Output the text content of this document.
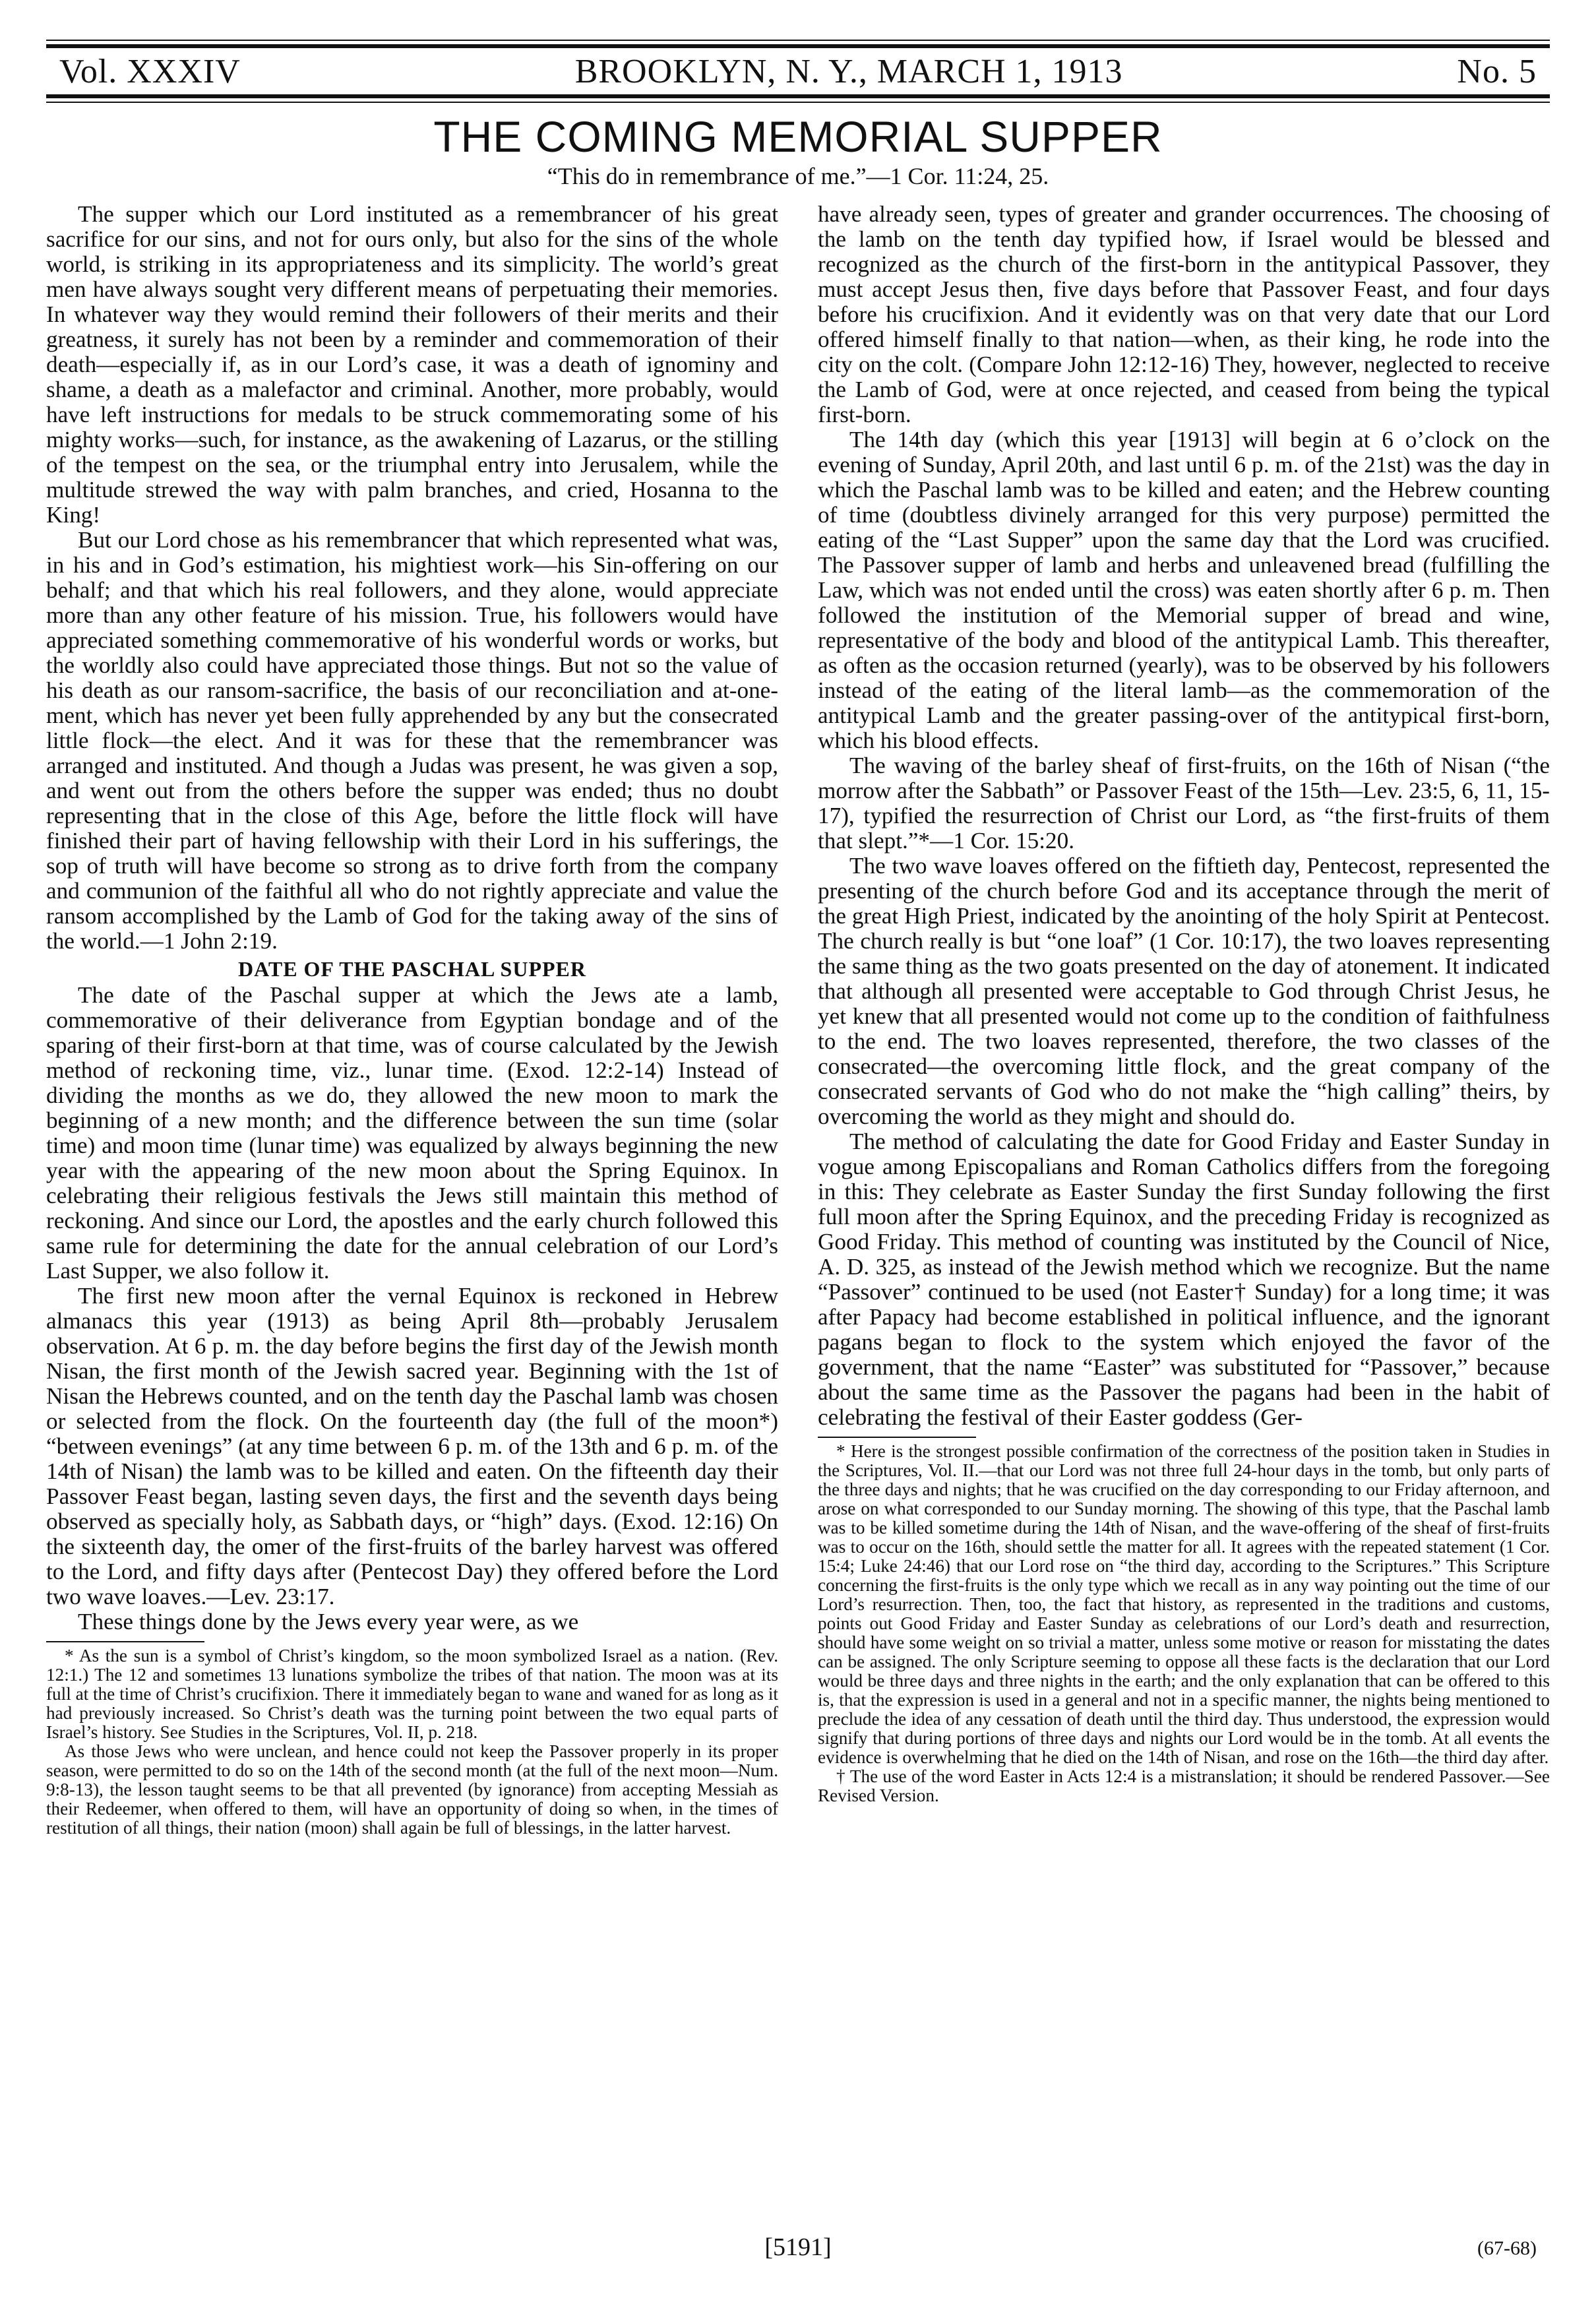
Vol. XXXIV	BROOKLYN, N. Y., MARCH 1, 1913	No. 5
THE COMING MEMORIAL SUPPER
“This do in remembrance of me.”—1 Cor. 11:24, 25.

The supper which our Lord instituted as a remembrancer of his great sacrifice for our sins, and not for ours only, but also for the sins of the whole world, is striking in its appropriateness and its simplicity. The world’s great men have always sought very different means of perpetuating their memories. In whatever way they would remind their followers of their merits and their greatness, it surely has not been by a reminder and commemoration of their death—especially if, as in our Lord’s case, it was a death of ignominy and shame, a death as a malefactor and criminal. Another, more probably, would have left instructions for medals to be struck commemorating some of his mighty works—such, for instance, as the awakening of Lazarus, or the stilling of the tempest on the sea, or the triumphal entry into Jerusalem, while the multitude strewed the way with palm branches, and cried, Hosanna to the King!

But our Lord chose as his remembrancer that which represented what was, in his and in God’s estimation, his mightiest work—his Sin-offering on our behalf; and that which his real followers, and they alone, would appreciate more than any other feature of his mission. True, his followers would have appreciated something commemorative of his wonderful words or works, but the worldly also could have appreciated those things. But not so the value of his death as our ransom-sacrifice, the basis of our reconciliation and at-one-ment, which has never yet been fully apprehended by any but the consecrated little flock—the elect. And it was for these that the remembrancer was arranged and instituted. And though a Judas was present, he was given a sop, and went out from the others before the supper was ended; thus no doubt representing that in the close of this Age, before the little flock will have finished their part of having fellowship with their Lord in his sufferings, the sop of truth will have become so strong as to drive forth from the company and communion of the faithful all who do not rightly appreciate and value the ransom accomplished by the Lamb of God for the taking away of the sins of the world.—1 John 2:19.

DATE OF THE PASCHAL SUPPER

The date of the Paschal supper at which the Jews ate a lamb, commemorative of their deliverance from Egyptian bondage and of the sparing of their first-born at that time, was of course calculated by the Jewish method of reckoning time, viz., lunar time. (Exod. 12:2-14) Instead of dividing the months as we do, they allowed the new moon to mark the beginning of a new month; and the difference between the sun time (solar time) and moon time (lunar time) was equalized by always beginning the new year with the appearing of the new moon about the Spring Equinox. In celebrating their religious festivals the Jews still maintain this method of reckoning. And since our Lord, the apostles and the early church followed this same rule for determining the date for the annual celebration of our Lord’s Last Supper, we also follow it.

The first new moon after the vernal Equinox is reckoned in Hebrew almanacs this year (1913) as being April 8th—probably Jerusalem observation. At 6 p. m. the day before begins the first day of the Jewish month Nisan, the first month of the Jewish sacred year. Beginning with the 1st of Nisan the Hebrews counted, and on the tenth day the Paschal lamb was chosen or selected from the flock. On the fourteenth day (the full of the moon*) “between evenings” (at any time between 6 p. m. of the 13th and 6 p. m. of the 14th of Nisan) the lamb was to be killed and eaten. On the fifteenth day their Passover Feast began, lasting seven days, the first and the seventh days being observed as specially holy, as Sabbath days, or “high” days. (Exod. 12:16) On the sixteenth day, the omer of the first-fruits of the barley harvest was offered to the Lord, and fifty days after (Pentecost Day) they offered before the Lord two wave loaves.—Lev. 23:17.

These things done by the Jews every year were, as we

* As the sun is a symbol of Christ’s kingdom, so the moon symbolized Israel as a nation. (Rev. 12:1.) The 12 and sometimes 13 lunations symbolize the tribes of that nation. The moon was at its full at the time of Christ’s crucifixion. There it immediately began to wane and waned for as long as it had previously increased. So Christ’s death was the turning point between the two equal parts of Israel’s history. See Studies in the Scriptures, Vol. II, p. 218.

As those Jews who were unclean, and hence could not keep the Passover properly in its proper season, were permitted to do so on the 14th of the second month (at the full of the next moon—Num. 9:8-13), the lesson taught seems to be that all prevented (by ignorance) from accepting Messiah as their Redeemer, when offered to them, will have an opportunity of doing so when, in the times of restitution of all things, their nation (moon) shall again be full of blessings, in the latter harvest.

have already seen, types of greater and grander occurrences. The choosing of the lamb on the tenth day typified how, if Israel would be blessed and recognized as the church of the first-born in the antitypical Passover, they must accept Jesus then, five days before that Passover Feast, and four days before his crucifixion. And it evidently was on that very date that our Lord offered himself finally to that nation—when, as their king, he rode into the city on the colt. (Compare John 12:12-16) They, however, neglected to receive the Lamb of God, were at once rejected, and ceased from being the typical first-born.

The 14th day (which this year [1913] will begin at 6 o’clock on the evening of Sunday, April 20th, and last until 6 p. m. of the 21st) was the day in which the Paschal lamb was to be killed and eaten; and the Hebrew counting of time (doubtless divinely arranged for this very purpose) permitted the eating of the “Last Supper” upon the same day that the Lord was crucified. The Passover supper of lamb and herbs and unleavened bread (fulfilling the Law, which was not ended until the cross) was eaten shortly after 6 p. m. Then followed the institution of the Memorial supper of bread and wine, representative of the body and blood of the antitypical Lamb. This thereafter, as often as the occasion returned (yearly), was to be observed by his followers instead of the eating of the literal lamb—as the commemoration of the antitypical Lamb and the greater passing-over of the antitypical first-born, which his blood effects.

The waving of the barley sheaf of first-fruits, on the 16th of Nisan (“the morrow after the Sabbath” or Passover Feast of the 15th—Lev. 23:5, 6, 11, 15-17), typified the resurrection of Christ our Lord, as “the first-fruits of them that slept.”*—1 Cor. 15:20.

The two wave loaves offered on the fiftieth day, Pentecost, represented the presenting of the church before God and its acceptance through the merit of the great High Priest, indicated by the anointing of the holy Spirit at Pentecost. The church really is but “one loaf” (1 Cor. 10:17), the two loaves representing the same thing as the two goats presented on the day of atonement. It indicated that although all presented were acceptable to God through Christ Jesus, he yet knew that all presented would not come up to the condition of faithfulness to the end. The two loaves represented, therefore, the two classes of the consecrated—the overcoming little flock, and the great company of the consecrated servants of God who do not make the “high calling” theirs, by overcoming the world as they might and should do.

The method of calculating the date for Good Friday and Easter Sunday in vogue among Episcopalians and Roman Catholics differs from the foregoing in this: They celebrate as Easter Sunday the first Sunday following the first full moon after the Spring Equinox, and the preceding Friday is recognized as Good Friday. This method of counting was instituted by the Council of Nice, A. D. 325, as instead of the Jewish method which we recognize. But the name “Passover” continued to be used (not Easter† Sunday) for a long time; it was after Papacy had become established in political influence, and the ignorant pagans began to flock to the system which enjoyed the favor of the government, that the name “Easter” was substituted for “Passover,” because about the same time as the Passover the pagans had been in the habit of celebrating the festival of their Easter goddess (Ger-

* Here is the strongest possible confirmation of the correctness of the position taken in Studies in the Scriptures, Vol. II.—that our Lord was not three full 24-hour days in the tomb, but only parts of the three days and nights; that he was crucified on the day corresponding to our Friday afternoon, and arose on what corresponded to our Sunday morning. The showing of this type, that the Paschal lamb was to be killed sometime during the 14th of Nisan, and the wave-offering of the sheaf of first-fruits was to occur on the 16th, should settle the matter for all. It agrees with the repeated statement (1 Cor. 15:4; Luke 24:46) that our Lord rose on “the third day, according to the Scriptures.” This Scripture concerning the first-fruits is the only type which we recall as in any way pointing out the time of our Lord’s resurrection. Then, too, the fact that history, as represented in the traditions and customs, points out Good Friday and Easter Sunday as celebrations of our Lord’s death and resurrection, should have some weight on so trivial a matter, unless some motive or reason for misstating the dates can be assigned. The only Scripture seeming to oppose all these facts is the declaration that our Lord would be three days and three nights in the earth; and the only explanation that can be offered to this is, that the expression is used in a general and not in a specific manner, the nights being mentioned to preclude the idea of any cessation of death until the third day. Thus understood, the expression would signify that during portions of three days and nights our Lord would be in the tomb. At all events the evidence is overwhelming that he died on the 14th of Nisan, and rose on the 16th—the third day after.

† The use of the word Easter in Acts 12:4 is a mistranslation; it should be rendered Passover.—See Revised Version.

[5191]	(67-68)
